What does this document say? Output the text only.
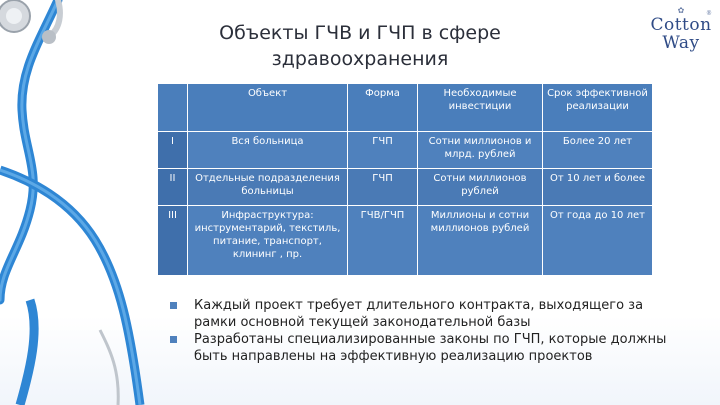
Объекты ГЧВ и ГЧП в сфере
здравоохранения
✿
Cotton
Way
®
	Объект	Форма	Необходимые инвестиции	Срок эффективной реализации
I	Вся больница	ГЧП	Сотни миллионов и млрд. рублей	Более 20 лет
II	Отдельные подразделения больницы	ГЧП	Сотни миллионов рублей	От 10 лет и более
III	Инфраструктура: инструментарий, текстиль, питание, транспорт, клининг , пр.	ГЧВ/ГЧП	Миллионы и сотни миллионов рублей	От года до 10 лет
Каждый проект требует длительного контракта, выходящего за рамки основной текущей законодательной базы
Разработаны специализированные законы по ГЧП, которые должны быть направлены на эффективную реализацию проектов
